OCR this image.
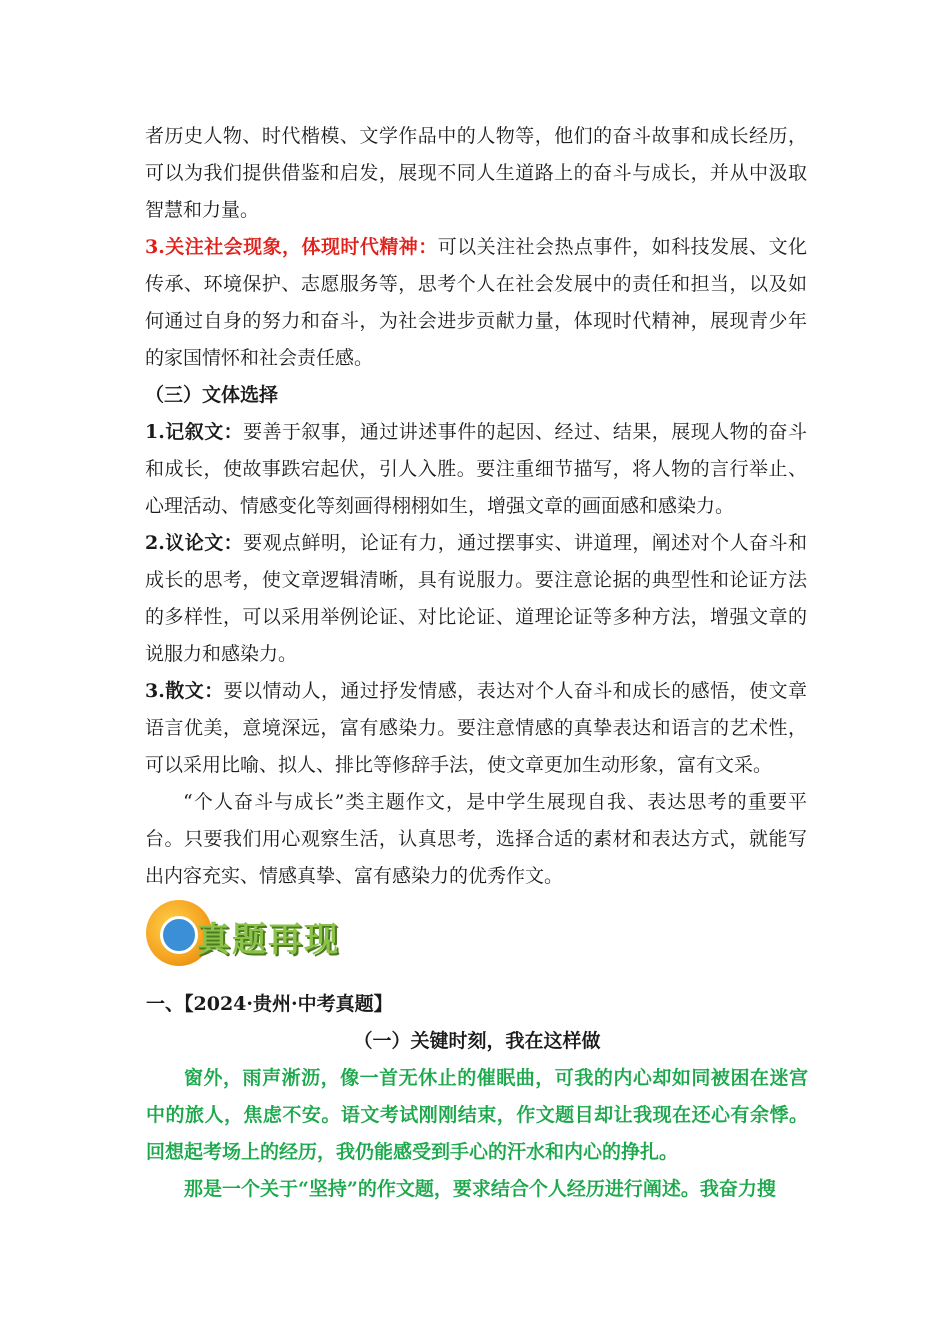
者历史人物、时代楷模、文学作品中的人物等，他们的奋斗故事和成长经历，可以为我们提供借鉴和启发，展现不同人生道路上的奋斗与成长，并从中汲取智慧和力量。

3.关注社会现象，体现时代精神：可以关注社会热点事件，如科技发展、文化传承、环境保护、志愿服务等，思考个人在社会发展中的责任和担当，以及如何通过自身的努力和奋斗，为社会进步贡献力量，体现时代精神，展现青少年的家国情怀和社会责任感。

（三）文体选择

1.记叙文：要善于叙事，通过讲述事件的起因、经过、结果，展现人物的奋斗和成长，使故事跌宕起伏，引人入胜。要注重细节描写，将人物的言行举止、心理活动、情感变化等刻画得栩栩如生，增强文章的画面感和感染力。

2.议论文：要观点鲜明，论证有力，通过摆事实、讲道理，阐述对个人奋斗和成长的思考，使文章逻辑清晰，具有说服力。要注意论据的典型性和论证方法的多样性，可以采用举例论证、对比论证、道理论证等多种方法，增强文章的说服力和感染力。

3.散文：要以情动人，通过抒发情感，表达对个人奋斗和成长的感悟，使文章语言优美，意境深远，富有感染力。要注意情感的真挚表达和语言的艺术性，可以采用比喻、拟人、排比等修辞手法，使文章更加生动形象，富有文采。

“个人奋斗与成长”类主题作文，是中学生展现自我、表达思考的重要平台。只要我们用心观察生活，认真思考，选择合适的素材和表达方式，就能写出内容充实、情感真挚、富有感染力的优秀作文。

真题再现

一、【2024·贵州·中考真题】

（一）关键时刻，我在这样做

窗外，雨声淅沥，像一首无休止的催眠曲，可我的内心却如同被困在迷宫中的旅人，焦虑不安。语文考试刚刚结束，作文题目却让我现在还心有余悸。回想起考场上的经历，我仍能感受到手心的汗水和内心的挣扎。

那是一个关于“坚持”的作文题，要求结合个人经历进行阐述。我奋力搜
